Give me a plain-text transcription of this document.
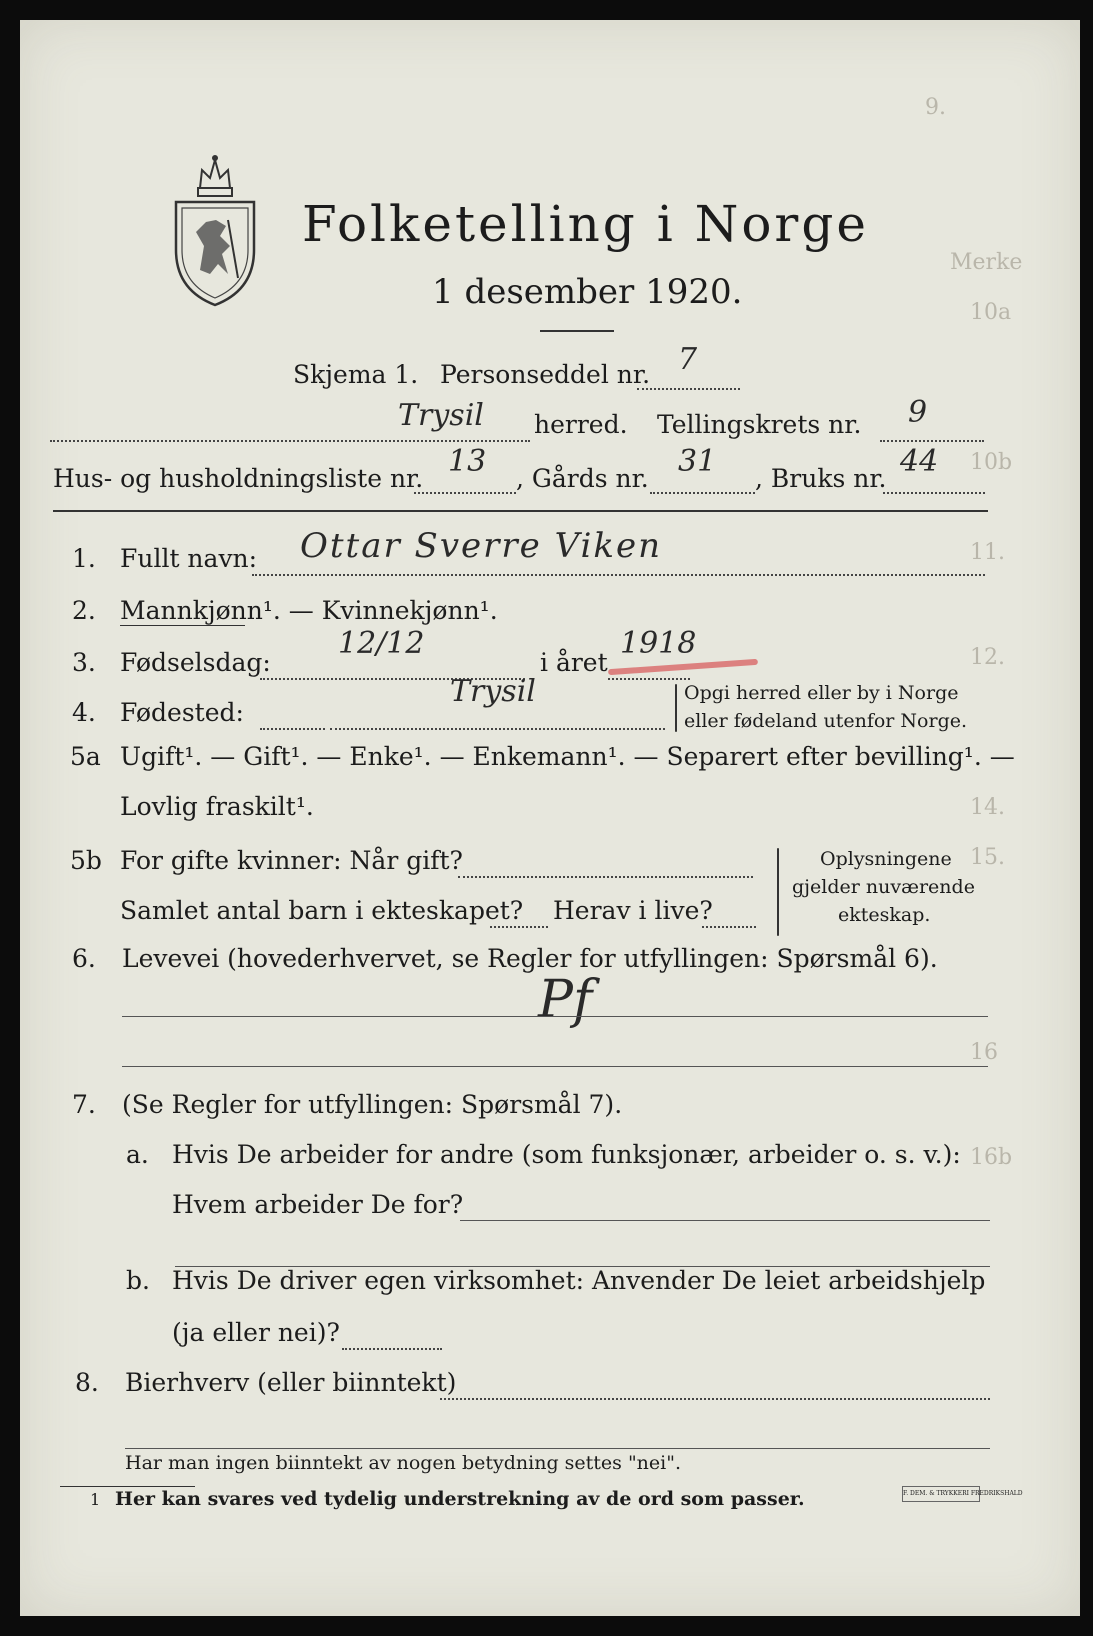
9.
Merke
10a
10b
11.
12.
14.
15.
16
16b
Folketelling i Norge
1 desember 1920.
Skjema 1. Personseddel nr. 7
Trysil herred. Tellingskrets nr. 9
Hus- og husholdningsliste nr. 13 , Gårds nr. 31 , Bruks nr. 44
1. Fullt navn: Ottar Sverre Viken
2. Mannkjønn¹. — Kvinnekjønn¹.
3. Fødselsdag:
12/12
i året
1918
4. Fødested:
Trysil	Opgi herred eller by i Norge
eller fødeland utenfor Norge.
5a Ugift¹. — Gift¹. — Enke¹. — Enkemann¹. — Separert efter bevilling¹. —
Lovlig fraskilt¹.
5b For gifte kvinner: Når gift?
Samlet antal barn i ekteskapet? Herav i live?
Oplysningene
gjelder nuværende
ekteskap.
6. Levevei (hovederhvervet, se Regler for utfyllingen: Spørsmål 6).
Pf
7. (Se Regler for utfyllingen: Spørsmål 7).
a. Hvis De arbeider for andre (som funksjonær, arbeider o. s. v.):
Hvem arbeider De for?
b. Hvis De driver egen virksomhet: Anvender De leiet arbeidshjelp
(ja eller nei)?
8. Bierhverv (eller biinntekt)
Har man ingen biinntekt av nogen betydning settes "nei".
1 Her kan svares ved tydelig understrekning av de ord som passer.	F. DEM. & TRYKKERI FREDRIKSHALD
